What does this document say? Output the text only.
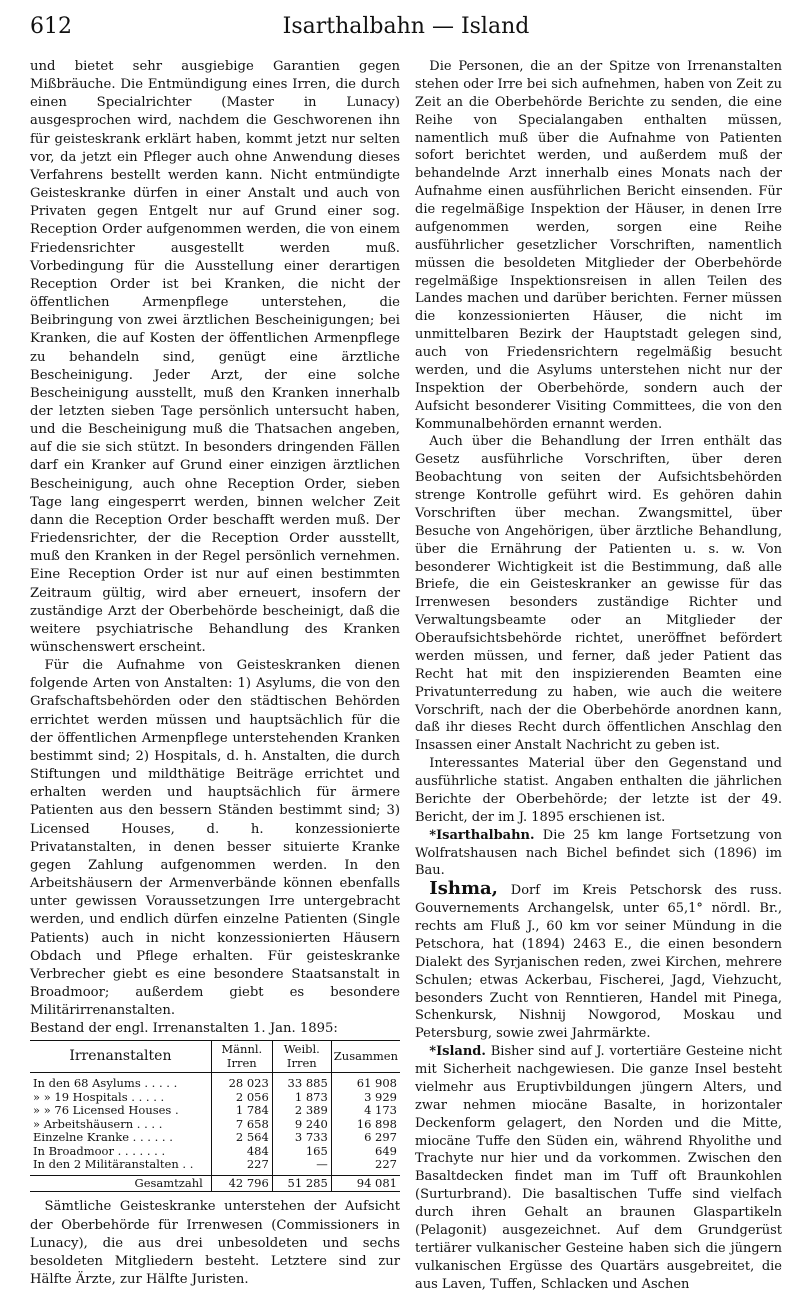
612	Isarthalbahn — Island

und bietet sehr ausgiebige Garantien gegen Mißbräuche. Die Entmündigung eines Irren, die durch einen Specialrichter (Master in Lunacy) ausgesprochen wird, nachdem die Geschworenen ihn für geisteskrank erklärt haben, kommt jetzt nur selten vor, da jetzt ein Pfleger auch ohne Anwendung dieses Verfahrens bestellt werden kann. Nicht entmündigte Geisteskranke dürfen in einer Anstalt und auch von Privaten gegen Entgelt nur auf Grund einer sog. Reception Order aufgenommen werden, die von einem Friedensrichter ausgestellt werden muß. Vorbedingung für die Ausstellung einer derartigen Reception Order ist bei Kranken, die nicht der öffentlichen Armenpflege unterstehen, die Beibringung von zwei ärztlichen Bescheinigungen; bei Kranken, die auf Kosten der öffentlichen Armenpflege zu behandeln sind, genügt eine ärztliche Bescheinigung. Jeder Arzt, der eine solche Bescheinigung ausstellt, muß den Kranken innerhalb der letzten sieben Tage persönlich untersucht haben, und die Bescheinigung muß die Thatsachen angeben, auf die sie sich stützt. In besonders dringenden Fällen darf ein Kranker auf Grund einer einzigen ärztlichen Bescheinigung, auch ohne Reception Order, sieben Tage lang eingesperrt werden, binnen welcher Zeit dann die Reception Order beschafft werden muß. Der Friedensrichter, der die Reception Order ausstellt, muß den Kranken in der Regel persönlich vernehmen. Eine Reception Order ist nur auf einen bestimmten Zeitraum gültig, wird aber erneuert, insofern der zuständige Arzt der Oberbehörde bescheinigt, daß die weitere psychiatrische Behandlung des Kranken wünschenswert erscheint.

Für die Aufnahme von Geisteskranken dienen folgende Arten von Anstalten: 1) Asylums, die von den Grafschaftsbehörden oder den städtischen Behörden errichtet werden müssen und hauptsächlich für die der öffentlichen Armenpflege unterstehenden Kranken bestimmt sind; 2) Hospitals, d. h. Anstalten, die durch Stiftungen und mildthätige Beiträge errichtet und erhalten werden und hauptsächlich für ärmere Patienten aus den bessern Ständen bestimmt sind; 3) Licensed Houses, d. h. konzessionierte Privatanstalten, in denen besser situierte Kranke gegen Zahlung aufgenommen werden. In den Arbeitshäusern der Armenverbände können ebenfalls unter gewissen Voraussetzungen Irre untergebracht werden, und endlich dürfen einzelne Patienten (Single Patients) auch in nicht konzessionierten Häusern Obdach und Pflege erhalten. Für geisteskranke Verbrecher giebt es eine besondere Staatsanstalt in Broadmoor; außerdem giebt es besondere Militärirrenanstalten.

Bestand der engl. Irrenanstalten 1. Jan. 1895:

Irrenanstalten	Männl. Irren	Weibl. Irren	Zusammen
In den 68 Asylums . . . . .	28 023	33 885	61 908
» » 19 Hospitals . . . . .	2 056	1 873	3 929
» » 76 Licensed Houses .	1 784	2 389	4 173
» Arbeitshäusern . . . .	7 658	9 240	16 898
Einzelne Kranke . . . . . .	2 564	3 733	6 297
In Broadmoor . . . . . . .	484	165	649
In den 2 Militäranstalten . .	227	—	227
Gesamtzahl	42 796	51 285	94 081

Sämtliche Geisteskranke unterstehen der Aufsicht der Oberbehörde für Irrenwesen (Commissioners in Lunacy), die aus drei unbesoldeten und sechs besoldeten Mitgliedern besteht. Letztere sind zur Hälfte Ärzte, zur Hälfte Juristen.

Die Personen, die an der Spitze von Irrenanstalten stehen oder Irre bei sich aufnehmen, haben von Zeit zu Zeit an die Oberbehörde Berichte zu senden, die eine Reihe von Specialangaben enthalten müssen, namentlich muß über die Aufnahme von Patienten sofort berichtet werden, und außerdem muß der behandelnde Arzt innerhalb eines Monats nach der Aufnahme einen ausführlichen Bericht einsenden. Für die regelmäßige Inspektion der Häuser, in denen Irre aufgenommen werden, sorgen eine Reihe ausführlicher gesetzlicher Vorschriften, namentlich müssen die besoldeten Mitglieder der Oberbehörde regelmäßige Inspektionsreisen in allen Teilen des Landes machen und darüber berichten. Ferner müssen die konzessionierten Häuser, die nicht im unmittelbaren Bezirk der Hauptstadt gelegen sind, auch von Friedensrichtern regelmäßig besucht werden, und die Asylums unterstehen nicht nur der Inspektion der Oberbehörde, sondern auch der Aufsicht besonderer Visiting Committees, die von den Kommunalbehörden ernannt werden.

Auch über die Behandlung der Irren enthält das Gesetz ausführliche Vorschriften, über deren Beobachtung von seiten der Aufsichtsbehörden strenge Kontrolle geführt wird. Es gehören dahin Vorschriften über mechan. Zwangsmittel, über Besuche von Angehörigen, über ärztliche Behandlung, über die Ernährung der Patienten u. s. w. Von besonderer Wichtigkeit ist die Bestimmung, daß alle Briefe, die ein Geisteskranker an gewisse für das Irrenwesen besonders zuständige Richter und Verwaltungsbeamte oder an Mitglieder der Oberaufsichtsbehörde richtet, uneröffnet befördert werden müssen, und ferner, daß jeder Patient das Recht hat mit den inspizierenden Beamten eine Privatunterredung zu haben, wie auch die weitere Vorschrift, nach der die Oberbehörde anordnen kann, daß ihr dieses Recht durch öffentlichen Anschlag den Insassen einer Anstalt Nachricht zu geben ist.

Interessantes Material über den Gegenstand und ausführliche statist. Angaben enthalten die jährlichen Berichte der Oberbehörde; der letzte ist der 49. Bericht, der im J. 1895 erschienen ist.

*Isarthalbahn. Die 25 km lange Fortsetzung von Wolfratshausen nach Bichel befindet sich (1896) im Bau.

Ishma, Dorf im Kreis Petschorsk des russ. Gouvernements Archangelsk, unter 65,1° nördl. Br., rechts am Fluß J., 60 km vor seiner Mündung in die Petschora, hat (1894) 2463 E., die einen besondern Dialekt des Syrjanischen reden, zwei Kirchen, mehrere Schulen; etwas Ackerbau, Fischerei, Jagd, Viehzucht, besonders Zucht von Renntieren, Handel mit Pinega, Schenkursk, Nishnij Nowgorod, Moskau und Petersburg, sowie zwei Jahrmärkte.

*Island. Bisher sind auf J. vortertiäre Gesteine nicht mit Sicherheit nachgewiesen. Die ganze Insel besteht vielmehr aus Eruptivbildungen jüngern Alters, und zwar nehmen miocäne Basalte, in horizontaler Deckenform gelagert, den Norden und die Mitte, miocäne Tuffe den Süden ein, während Rhyolithe und Trachyte nur hier und da vorkommen. Zwischen den Basaltdecken findet man im Tuff oft Braunkohlen (Surturbrand). Die basaltischen Tuffe sind vielfach durch ihren Gehalt an braunen Glaspartikeln (Pelagonit) ausgezeichnet. Auf dem Grundgerüst tertiärer vulkanischer Gesteine haben sich die jüngern vulkanischen Ergüsse des Quartärs ausgebreitet, die aus Laven, Tuffen, Schlacken und Aschen
